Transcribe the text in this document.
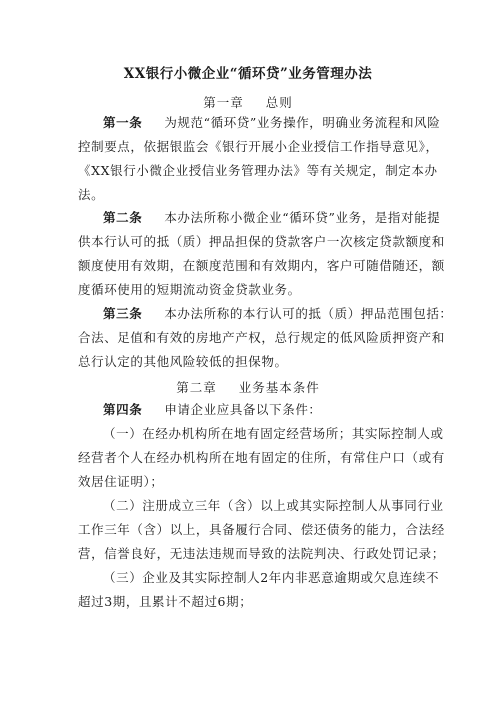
XX银行小微企业“循环贷”业务管理办法
第一章 总则
第一条 为规范“循环贷”业务操作，明确业务流程和风险
控制要点，依据银监会《银行开展小企业授信工作指导意见》，
《XX银行小微企业授信业务管理办法》等有关规定，制定本办
法。
第二条 本办法所称小微企业“循环贷”业务，是指对能提
供本行认可的抵（质）押品担保的贷款客户一次核定贷款额度和
额度使用有效期，在额度范围和有效期内，客户可随借随还，额
度循环使用的短期流动资金贷款业务。
第三条 本办法所称的本行认可的抵（质）押品范围包括：
合法、足值和有效的房地产产权，总行规定的低风险质押资产和
总行认定的其他风险较低的担保物。
第二章 业务基本条件
第四条 申请企业应具备以下条件：
（一）在经办机构所在地有固定经营场所；其实际控制人或
经营者个人在经办机构所在地有固定的住所，有常住户口（或有
效居住证明）；
（二）注册成立三年（含）以上或其实际控制人从事同行业
工作三年（含）以上，具备履行合同、偿还债务的能力，合法经
营，信誉良好，无违法违规而导致的法院判决、行政处罚记录；
（三）企业及其实际控制人2年内非恶意逾期或欠息连续不
超过3期，且累计不超过6期；
